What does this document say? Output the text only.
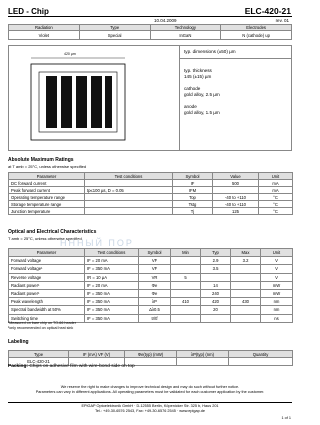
LED - Chip	ELC-420-21
10.04.2009	rev. 01
Radiation	Type	Technology	Electrodes
Violet	Special	InGaN	N (cathode) up
420 µm	typ. dimensions (±50) µm
typ. thickness
145 (±15) µm
cathode
gold alloy, 2.5 µm
anode
gold alloy, 1.5 µm
Absolute Maximum Ratings
at T amb = 25°C, unless otherwise specified
Parameter	Test conditions	Symbol	Value	Unit
DC forward current		IF	500	mA
Peak forward current	tp≤100 µs, D = 0.05	IFM		mA
Operating temperature range		Top	-40 to +110	°C
Storage temperature range		Tstg	-40 to +110	°C
Junction temperature		Tj	125	°C
Optical and Electrical Characteristics
T amb = 25°C, unless otherwise specified
НННЫЙ ПОР
Parameter	Test conditions	Symbol	Min	Typ	Max	Unit
Forward voltage	IF = 20 mA	VF		2.9	3.2	V
Forward voltage¹	IF = 350 mA	VF		3.5		V
Reverse voltage	IR = 10 µA	VR	5			V
Radiant power¹	IF = 20 mA	Φe		14		mW
Radiant power¹	IF = 350 mA	Φe		240		mW
Peak wavelength	IF = 350 mA	λP	410	420	430	nm
Spectral bandwidth at 50%	IF = 350 mA	Δλ0.5		20		nm
Switching time	IF = 350 mA	tr/tf				ns
¹Measured on bare chip on TO-66 header
²only recommended on optical heat sink
Labeling
Type	IF (mA) VF (V)	Φe(typ) (mW)	λP(typ) (nm)	Quantity
ELC-420-21				
Packing: Chips on adhesive film with wire-bond side on top
We reserve the right to make changes to improve technical design and may do such without further notice.
Parameters can vary in different applications. All operating parameters must be validated for each customer application by the customer.
EPIGAP Optoelektronik GmbH · D-12555 Berlin, Köpenicker Str. 325 b, Haus 201
Tel.: +49-30-6576 2543, Fax: +49-30-6576 2545 · www.epigap.de
1 of 1
